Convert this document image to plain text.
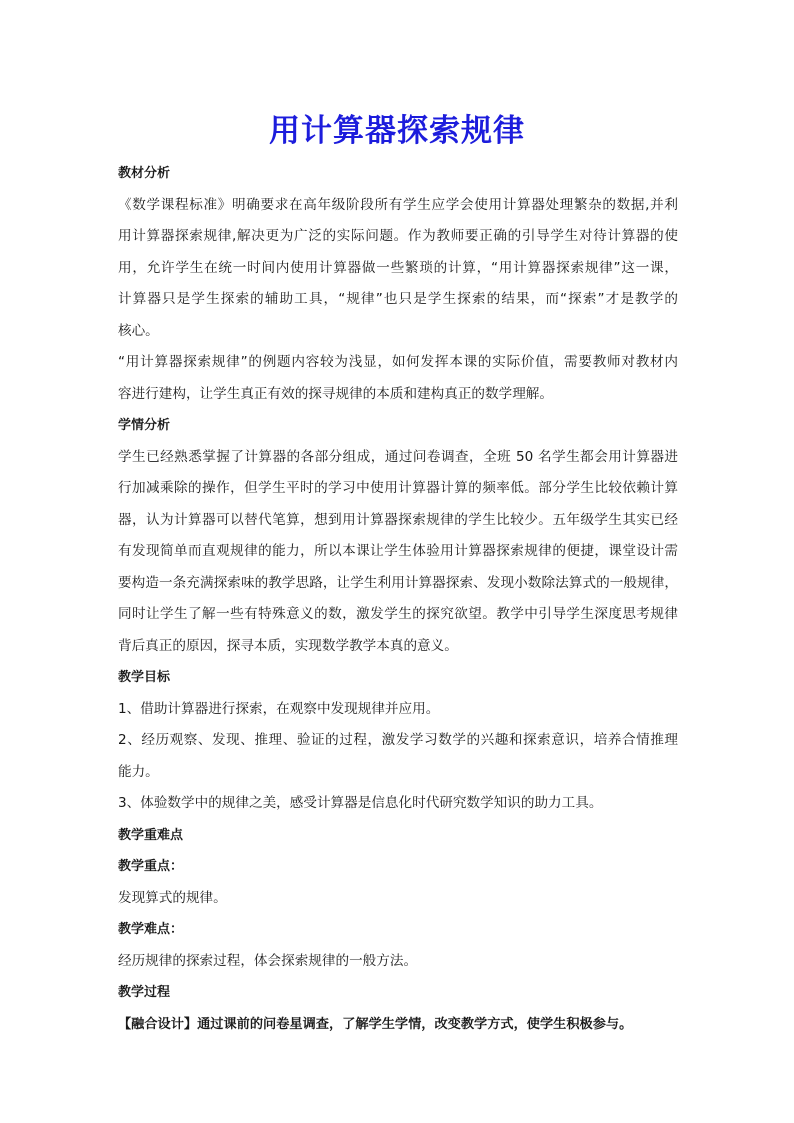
用计算器探索规律
教材分析
《数学课程标准》明确要求在高年级阶段所有学生应学会使用计算器处理繁杂的数据,并利
用计算器探索规律,解决更为广泛的实际问题。作为教师要正确的引导学生对待计算器的使
用，允许学生在统一时间内使用计算器做一些繁琐的计算，“用计算器探索规律”这一课，
计算器只是学生探索的辅助工具，“规律”也只是学生探索的结果，而“探索”才是教学的
核心。
“用计算器探索规律”的例题内容较为浅显，如何发挥本课的实际价值，需要教师对教材内
容进行建构，让学生真正有效的探寻规律的本质和建构真正的数学理解。
学情分析
学生已经熟悉掌握了计算器的各部分组成，通过问卷调查，全班 50 名学生都会用计算器进
行加减乘除的操作，但学生平时的学习中使用计算器计算的频率低。部分学生比较依赖计算
器，认为计算器可以替代笔算，想到用计算器探索规律的学生比较少。五年级学生其实已经
有发现简单而直观规律的能力，所以本课让学生体验用计算器探索规律的便捷，课堂设计需
要构造一条充满探索味的教学思路，让学生利用计算器探索、发现小数除法算式的一般规律，
同时让学生了解一些有特殊意义的数，激发学生的探究欲望。教学中引导学生深度思考规律
背后真正的原因，探寻本质，实现数学教学本真的意义。
教学目标
1、借助计算器进行探索，在观察中发现规律并应用。
2、经历观察、发现、推理、验证的过程，激发学习数学的兴趣和探索意识，培养合情推理
能力。
3、体验数学中的规律之美，感受计算器是信息化时代研究数学知识的助力工具。
教学重难点
教学重点：
发现算式的规律。
教学难点：
经历规律的探索过程，体会探索规律的一般方法。
教学过程
【融合设计】通过课前的问卷星调查，了解学生学情，改变教学方式，使学生积极参与。
